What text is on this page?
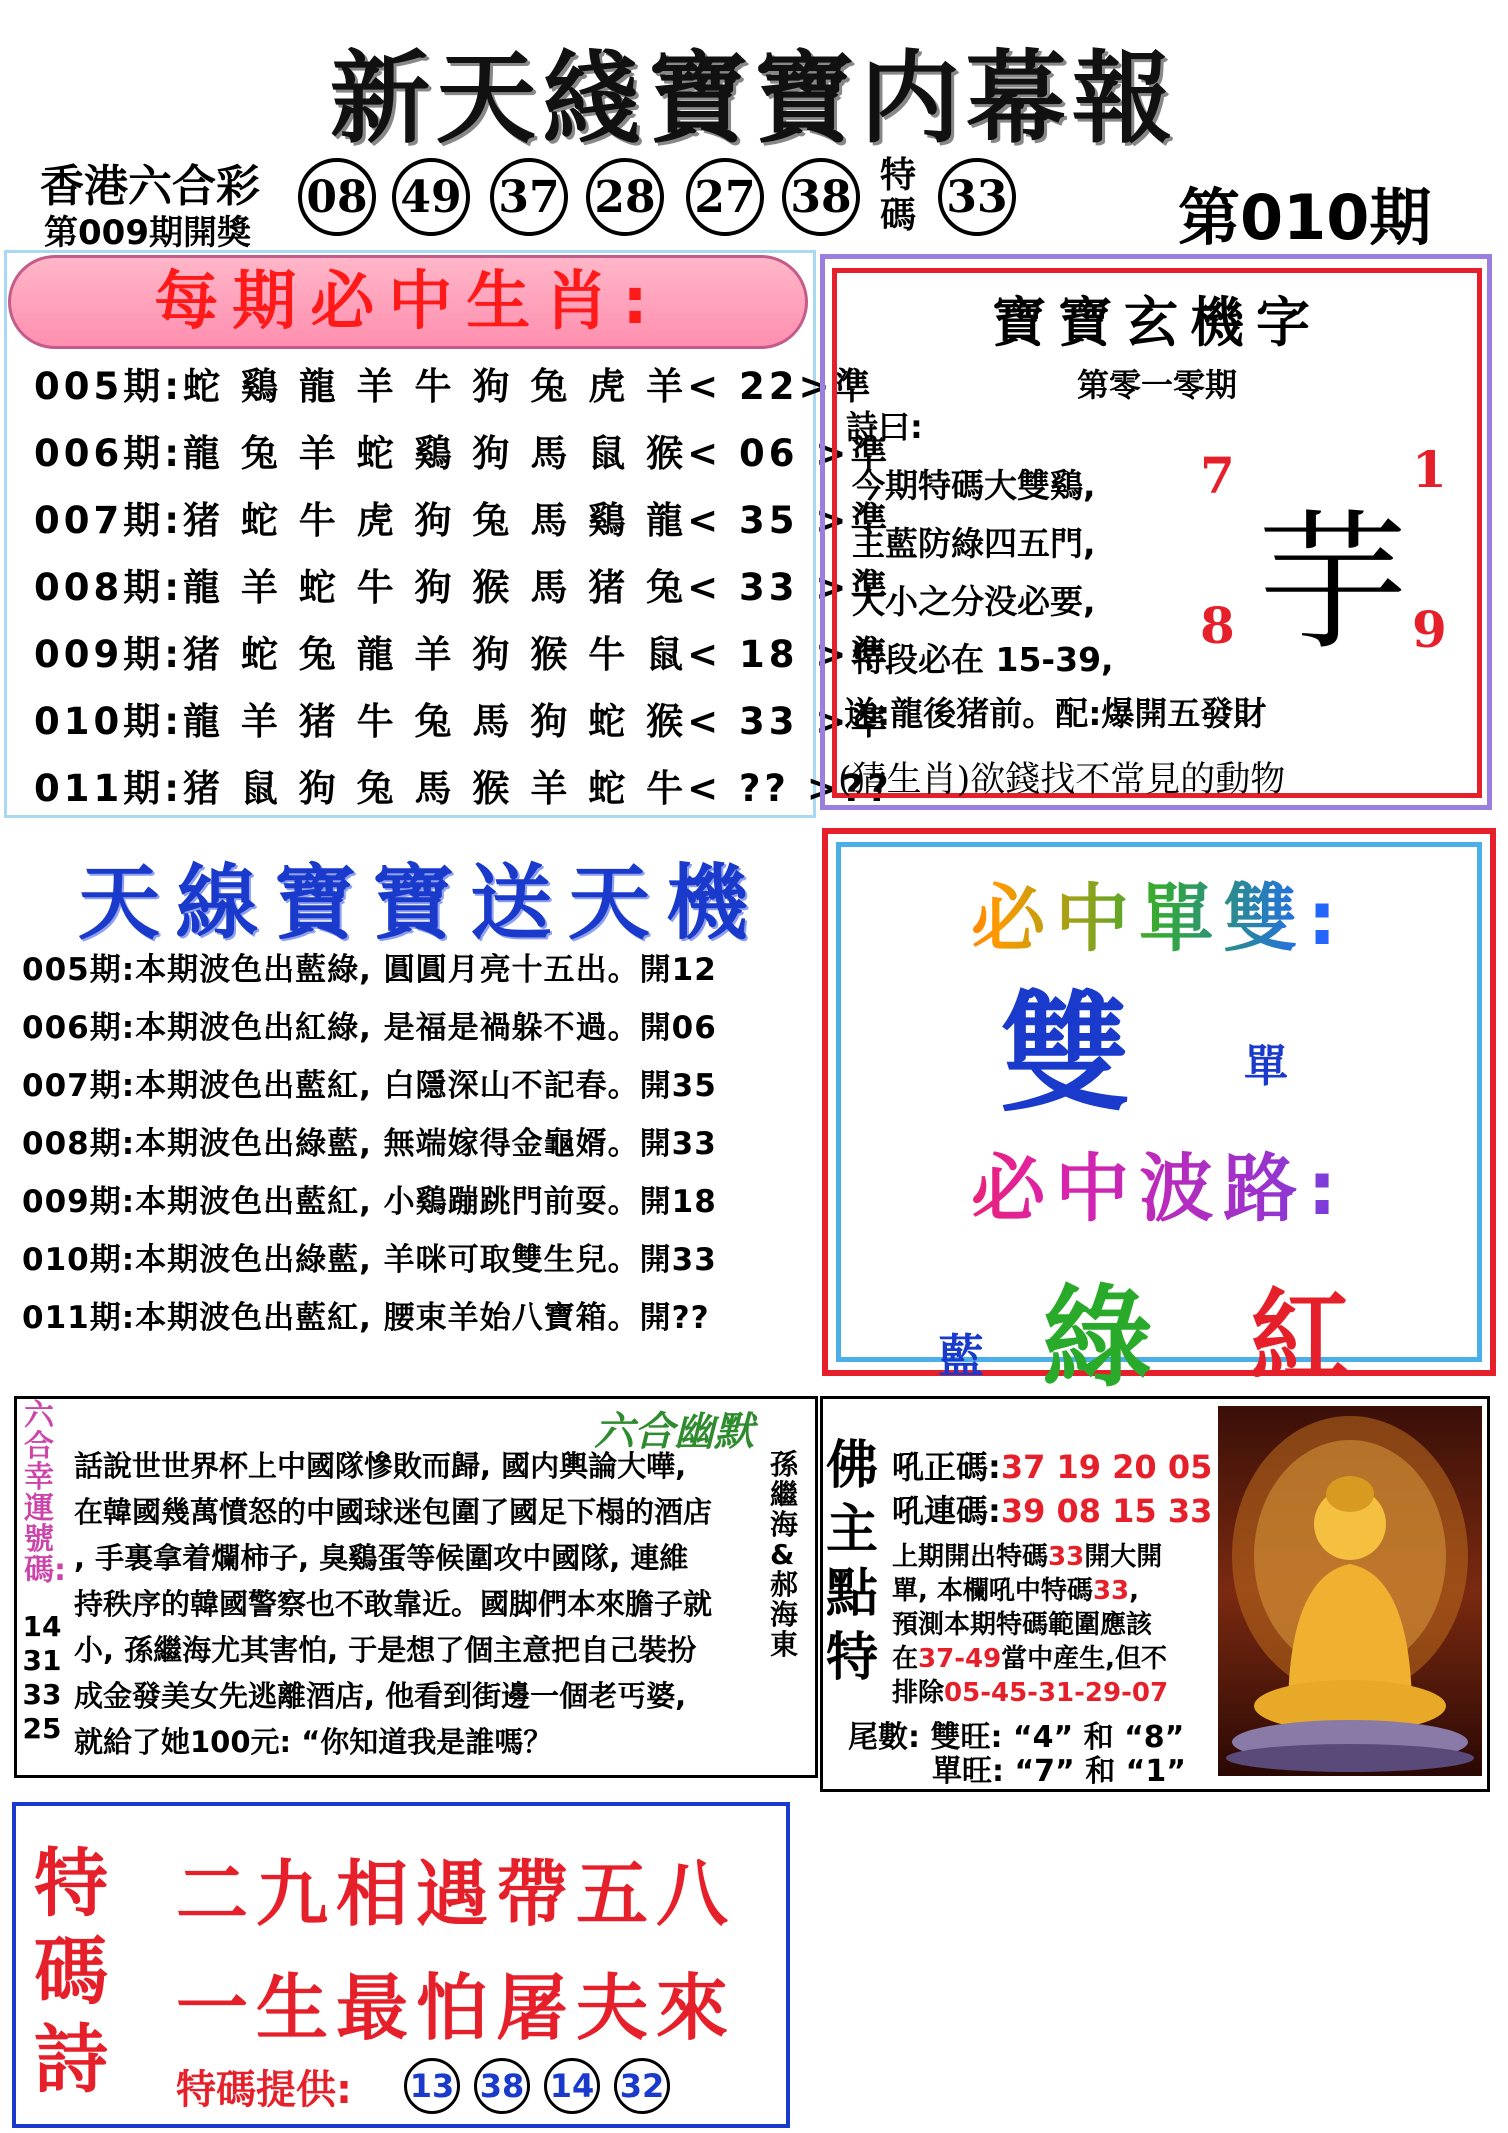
新天綫寶寶内幕報
香港六合彩
第009期開獎
08 49 37 28 27 38 特碼 33	第010期
每期必中生肖:
005期:蛇 鷄 龍 羊 牛 狗 兔 虎 羊< 22>準
006期:龍 兔 羊 蛇 鷄 狗 馬 鼠 猴< 06 >準
007期:猪 蛇 牛 虎 狗 兔 馬 鷄 龍< 35 >準
008期:龍 羊 蛇 牛 狗 猴 馬 猪 兔< 33 >準
009期:猪 蛇 兔 龍 羊 狗 猴 牛 鼠< 18 >準
010期:龍 羊 猪 牛 兔 馬 狗 蛇 猴< 33 >準
011期:猪 鼠 狗 兔 馬 猴 羊 蛇 牛< ?? >??
寶寶玄機字
第零一零期
詩曰:
今期特碼大雙鷄,
主藍防綠四五門,
大小之分没必要,
特段必在 15-39, 芋
7	1
8	9
送:龍後猪前。配:爆開五發財
(猜生肖)欲錢找不常見的動物
天線寶寶送天機
005期:本期波色出藍綠, 圓圓月亮十五出。開12
006期:本期波色出紅綠, 是福是禍躲不過。開06
007期:本期波色出藍紅, 白隱深山不記春。開35
008期:本期波色出綠藍, 無端嫁得金龜婿。開33
009期:本期波色出藍紅, 小鷄蹦跳門前耍。開18
010期:本期波色出綠藍, 羊咪可取雙生兒。開33
011期:本期波色出藍紅, 腰束羊始八寶箱。開??
必中單雙:
雙	單
必中波路:
藍 綠 紅
六合幸運號碼:
14 31 33 25
六合幽默
話說世世界杯上中國隊慘敗而歸, 國内輿論大嘩,
在韓國幾萬憤怒的中國球迷包圍了國足下榻的酒店
, 手裏拿着爛柿子, 臭鷄蛋等候圍攻中國隊, 連維
持秩序的韓國警察也不敢靠近。國脚們本來膽子就
小, 孫繼海尤其害怕, 于是想了個主意把自己裝扮
成金發美女先逃離酒店, 他看到街邊一個老丐婆,
就給了她100元: “你知道我是誰嗎？
孫繼海&郝海東
佛主點特
吼正碼:37 19 20 05
吼連碼:39 08 15 33
上期開出特碼33開大開
單, 本欄吼中特碼33,
預測本期特碼範圍應該
在37-49當中産生,但不
排除05-45-31-29-07
尾數: 雙旺: “4” 和 “8”
單旺: “7” 和 “1”
特碼詩
二九相遇帶五八
一生最怕屠夫來
特碼提供: 13 38 14 32
